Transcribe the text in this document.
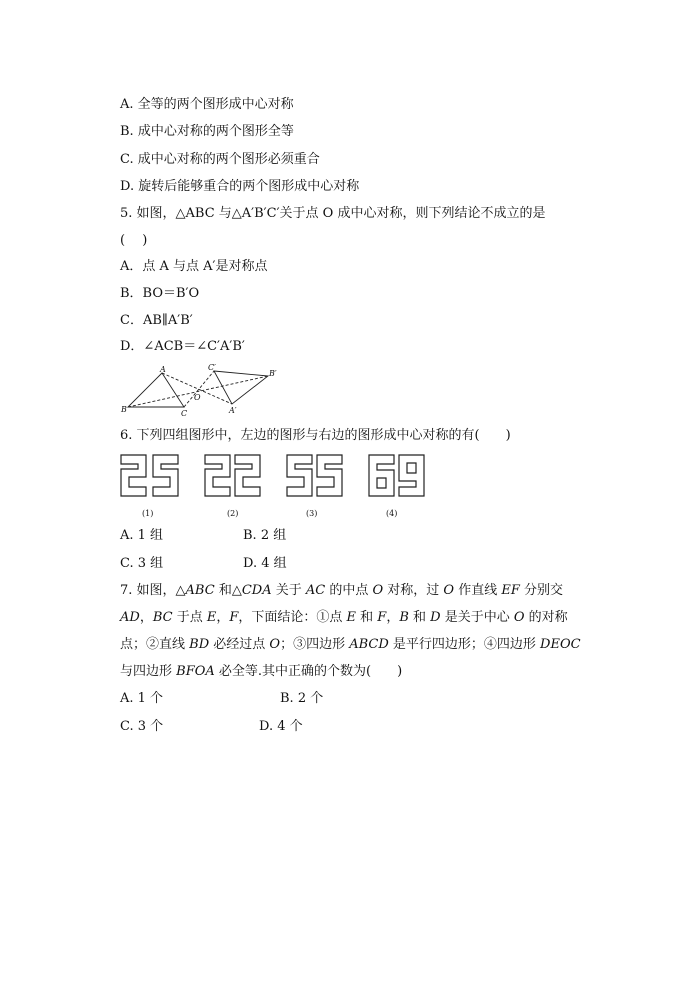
A. 全等的两个图形成中心对称
B. 成中心对称的两个图形全等
C. 成中心对称的两个图形必须重合
D. 旋转后能够重合的两个图形成中心对称
5. 如图，△ABC 与△A′B′C′关于点 O 成中心对称，则下列结论不成立的是
(　 )
A．点 A 与点 A′是对称点
B．BO＝B′O
C．AB∥A′B′
D．∠ACB＝∠C′A′B′
A
B	C
O
A′
B′
C′
6. 下列四组图形中，左边的图形与右边的图形成中心对称的有(　　)
(1)	(2)	(3)	(4)
A. 1 组	B. 2 组
C. 3 组	D. 4 组
7. 如图，△ABC 和△CDA 关于 AC 的中点 O 对称，过 O 作直线 EF 分别交
AD，BC 于点 E，F，下面结论：①点 E 和 F，B 和 D 是关于中心 O 的对称
点；②直线 BD 必经过点 O；③四边形 ABCD 是平行四边形；④四边形 DEOC
与四边形 BFOA 必全等.其中正确的个数为(　　)
A. 1 个	B. 2 个
C. 3 个	D. 4 个
